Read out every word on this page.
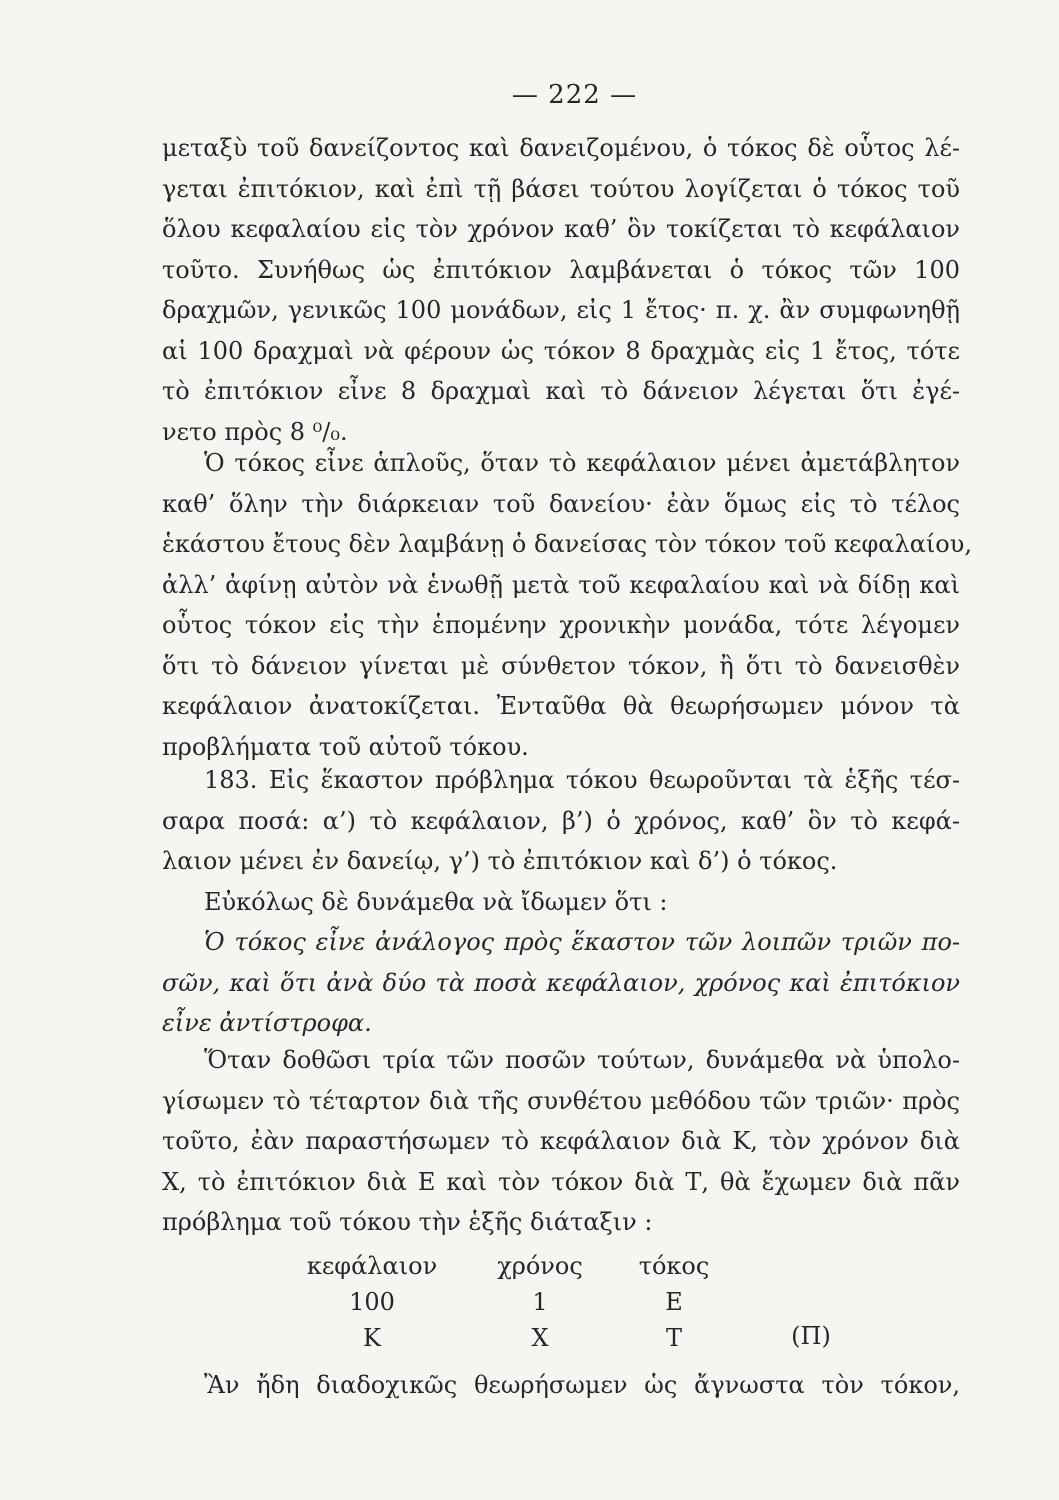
— 222 —
μεταξὺ τοῦ δανείζοντος καὶ δανειζομένου, ὁ τόκος δὲ οὗτος λέ-
γεται ἐπιτόκιον, καὶ ἐπὶ τῇ βάσει τούτου λογίζεται ὁ τόκος τοῦ
ὅλου κεφαλαίου εἰς τὸν χρόνον καθ’ ὃν τοκίζεται τὸ κεφάλαιον
τοῦτο. Συνήθως ὡς ἐπιτόκιον λαμβάνεται ὁ τόκος τῶν 100
δραχμῶν, γενικῶς 100 μονάδων, εἰς 1 ἔτος· π. χ. ἂν συμφωνηθῇ
αἱ 100 δραχμαὶ νὰ φέρουν ὡς τόκον 8 δραχμὰς εἰς 1 ἔτος, τότε
τὸ ἐπιτόκιον εἶνε 8 δραχμαὶ καὶ τὸ δάνειον λέγεται ὅτι ἐγέ-
νετο πρὸς 8 ⁰/₀.
Ὁ τόκος εἶνε ἁπλοῦς, ὅταν τὸ κεφάλαιον μένει ἀμετάβλητον
καθ’ ὅλην τὴν διάρκειαν τοῦ δανείου· ἐὰν ὅμως εἰς τὸ τέλος
ἑκάστου ἔτους δὲν λαμβάνῃ ὁ δανείσας τὸν τόκον τοῦ κεφαλαίου,
ἀλλ’ ἀφίνῃ αὐτὸν νὰ ἑνωθῇ μετὰ τοῦ κεφαλαίου καὶ νὰ δίδῃ καὶ
οὗτος τόκον εἰς τὴν ἑπομένην χρονικὴν μονάδα, τότε λέγομεν
ὅτι τὸ δάνειον γίνεται μὲ σύνθετον τόκον, ἢ ὅτι τὸ δανεισθὲν
κεφάλαιον ἀνατοκίζεται. Ἐνταῦθα θὰ θεωρήσωμεν μόνον τὰ
προβλήματα τοῦ αὐτοῦ τόκου.
183. Εἰς ἕκαστον πρόβλημα τόκου θεωροῦνται τὰ ἑξῆς τέσ-
σαρα ποσά: α’) τὸ κεφάλαιον, β’) ὁ χρόνος, καθ’ ὃν τὸ κεφά-
λαιον μένει ἐν δανείῳ, γ’) τὸ ἐπιτόκιον καὶ δ’) ὁ τόκος.
Εὐκόλως δὲ δυνάμεθα νὰ ἴδωμεν ὅτι :
Ὁ τόκος εἶνε ἀνάλογος πρὸς ἕκαστον τῶν λοιπῶν τριῶν πο-
σῶν, καὶ ὅτι ἀνὰ δύο τὰ ποσὰ κεφάλαιον, χρόνος καὶ ἐπιτόκιον
εἶνε ἀντίστροφα.
Ὅταν δοθῶσι τρία τῶν ποσῶν τούτων, δυνάμεθα νὰ ὑπολο-
γίσωμεν τὸ τέταρτον διὰ τῆς συνθέτου μεθόδου τῶν τριῶν· πρὸς
τοῦτο, ἐὰν παραστήσωμεν τὸ κεφάλαιον διὰ Κ, τὸν χρόνον διὰ
Χ, τὸ ἐπιτόκιον διὰ Ε καὶ τὸν τόκον διὰ Τ, θὰ ἔχωμεν διὰ πᾶν
πρόβλημα τοῦ τόκου τὴν ἑξῆς διάταξιν :
κεφάλαιον	χρόνος	τόκος
100	1	Ε
Κ	Χ	Τ	(Π)
Ἂν ἤδη διαδοχικῶς θεωρήσωμεν ὡς ἄγνωστα τὸν τόκον,
